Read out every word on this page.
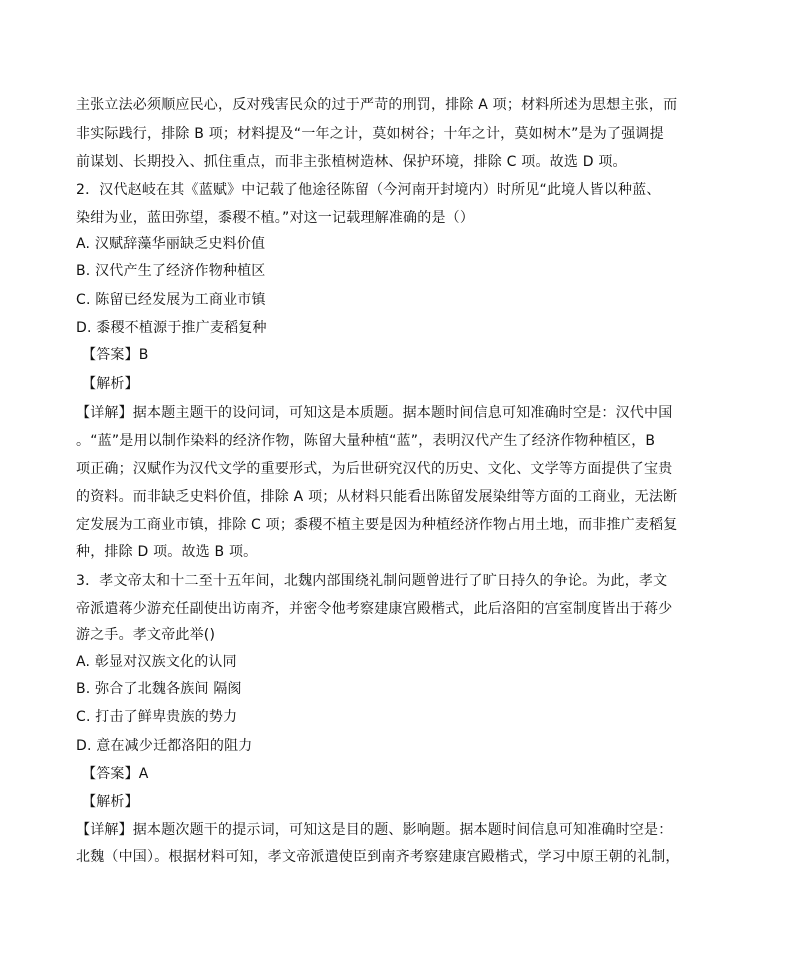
主张立法必须顺应民心，反对残害民众的过于严苛的刑罚，排除 A 项；材料所述为思想主张，而
非实际践行，排除 B 项；材料提及“一年之计，莫如树谷；十年之计，莫如树木”是为了强调提
前谋划、长期投入、抓住重点，而非主张植树造林、保护环境，排除 C 项。故选 D 项。
2．汉代赵岐在其《蓝赋》中记载了他途径陈留（今河南开封境内）时所见“此境人皆以种蓝、
染绀为业，蓝田弥望，黍稷不植。”对这一记载理解准确的是（）
A. 汉赋辞藻华丽缺乏史料价值
B. 汉代产生了经济作物种植区
C. 陈留已经发展为工商业市镇
D. 黍稷不植源于推广麦稻复种
【答案】B
【解析】
【详解】据本题主题干的设问词，可知这是本质题。据本题时间信息可知准确时空是：汉代中国
。“蓝”是用以制作染料的经济作物，陈留大量种植“蓝”，表明汉代产生了经济作物种植区，B
项正确；汉赋作为汉代文学的重要形式，为后世研究汉代的历史、文化、文学等方面提供了宝贵
的资料。而非缺乏史料价值，排除 A 项；从材料只能看出陈留发展染绀等方面的工商业，无法断
定发展为工商业市镇，排除 C 项；黍稷不植主要是因为种植经济作物占用土地，而非推广麦稻复
种，排除 D 项。故选 B 项。
3．孝文帝太和十二至十五年间，北魏内部围绕礼制问题曾进行了旷日持久的争论。为此，孝文
帝派遣蒋少游充任副使出访南齐，并密令他考察建康宫殿楷式，此后洛阳的宫室制度皆出于蒋少
游之手。孝文帝此举()
A. 彰显对汉族文化的认同
B. 弥合了北魏各族间 隔阂
C. 打击了鲜卑贵族的势力
D. 意在减少迁都洛阳的阻力
【答案】A
【解析】
【详解】据本题次题干的提示词，可知这是目的题、影响题。据本题时间信息可知准确时空是：
北魏（中国）。根据材料可知，孝文帝派遣使臣到南齐考察建康宫殿楷式，学习中原王朝的礼制，
